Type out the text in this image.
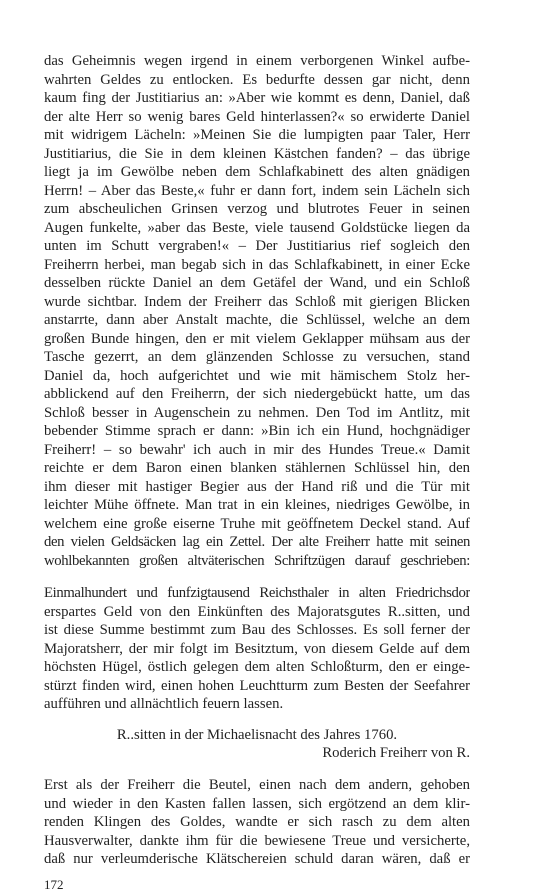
das Geheimnis wegen irgend in einem verborgenen Winkel aufbe-
wahrten Geldes zu entlocken. Es bedurfte dessen gar nicht, denn
kaum fing der Justitiarius an: »Aber wie kommt es denn, Daniel, daß
der alte Herr so wenig bares Geld hinterlassen?« so erwiderte Daniel
mit widrigem Lächeln: »Meinen Sie die lumpigten paar Taler, Herr
Justitiarius, die Sie in dem kleinen Kästchen fanden? – das übrige
liegt ja im Gewölbe neben dem Schlafkabinett des alten gnädigen
Herrn! – Aber das Beste,« fuhr er dann fort, indem sein Lächeln sich
zum abscheulichen Grinsen verzog und blutrotes Feuer in seinen
Augen funkelte, »aber das Beste, viele tausend Goldstücke liegen da
unten im Schutt vergraben!« – Der Justitiarius rief sogleich den
Freiherrn herbei, man begab sich in das Schlafkabinett, in einer Ecke
desselben rückte Daniel an dem Getäfel der Wand, und ein Schloß
wurde sichtbar. Indem der Freiherr das Schloß mit gierigen Blicken
anstarrte, dann aber Anstalt machte, die Schlüssel, welche an dem
großen Bunde hingen, den er mit vielem Geklapper mühsam aus der
Tasche gezerrt, an dem glänzenden Schlosse zu versuchen, stand
Daniel da, hoch aufgerichtet und wie mit hämischem Stolz her-
abblickend auf den Freiherrn, der sich niedergebückt hatte, um das
Schloß besser in Augenschein zu nehmen. Den Tod im Antlitz, mit
bebender Stimme sprach er dann: »Bin ich ein Hund, hochgnädiger
Freiherr! – so bewahr' ich auch in mir des Hundes Treue.« Damit
reichte er dem Baron einen blanken stählernen Schlüssel hin, den
ihm dieser mit hastiger Begier aus der Hand riß und die Tür mit
leichter Mühe öffnete. Man trat in ein kleines, niedriges Gewölbe, in
welchem eine große eiserne Truhe mit geöffnetem Deckel stand. Auf
den vielen Geldsäcken lag ein Zettel. Der alte Freiherr hatte mit seinen
wohlbekannten großen altväterischen Schriftzügen darauf geschrieben:
Einmalhundert und funfzigtausend Reichsthaler in alten Friedrichsdor
erspartes Geld von den Einkünften des Majoratsgutes R..sitten, und
ist diese Summe bestimmt zum Bau des Schlosses. Es soll ferner der
Majoratsherr, der mir folgt im Besitztum, von diesem Gelde auf dem
höchsten Hügel, östlich gelegen dem alten Schloßturm, den er einge-
stürzt finden wird, einen hohen Leuchtturm zum Besten der Seefahrer
aufführen und allnächtlich feuern lassen.
R..sitten in der Michaelisnacht des Jahres 1760.
Roderich Freiherr von R.
Erst als der Freiherr die Beutel, einen nach dem andern, gehoben
und wieder in den Kasten fallen lassen, sich ergötzend an dem klir-
renden Klingen des Goldes, wandte er sich rasch zu dem alten
Hausverwalter, dankte ihm für die bewiesene Treue und versicherte,
daß nur verleumderische Klätschereien schuld daran wären, daß er
172
